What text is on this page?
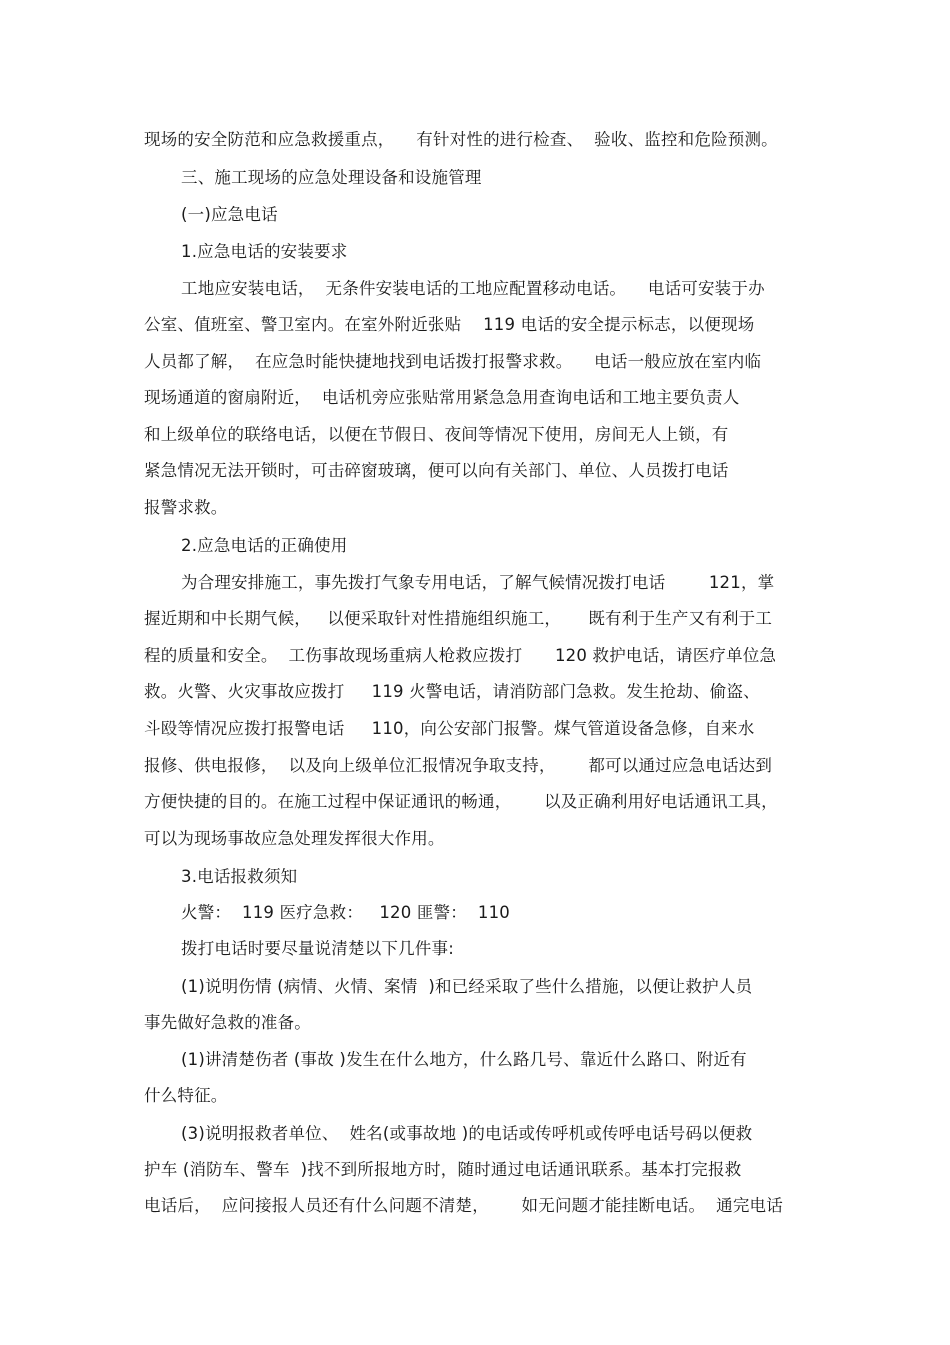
现场的安全防范和应急救援重点，    有针对性的进行检查、  验收、监控和危险预测。
三、施工现场的应急处理设备和设施管理
(一)应急电话
1.应急电话的安装要求
工地应安装电话，  无条件安装电话的工地应配置移动电话。    电话可安装于办
公室、值班室、警卫室内。在室外附近张贴    119 电话的安全提示标志，以便现场
人员都了解，  在应急时能快捷地找到电话拨打报警求救。    电话一般应放在室内临
现场通道的窗扇附近，  电话机旁应张贴常用紧急急用查询电话和工地主要负责人
和上级单位的联络电话，以便在节假日、夜间等情况下使用，房间无人上锁，有
紧急情况无法开锁时，可击碎窗玻璃，便可以向有关部门、单位、人员拨打电话
报警求救。
2.应急电话的正确使用
为合理安排施工，事先拨打气象专用电话，了解气候情况拨打电话        121，掌
握近期和中长期气候，   以便采取针对性措施组织施工，     既有利于生产又有利于工
程的质量和安全。  工伤事故现场重病人枪救应拨打      120 救护电话，请医疗单位急
救。火警、火灾事故应拨打     119 火警电话，请消防部门急救。发生抢劫、偷盗、
斗殴等情况应拨打报警电话     110，向公安部门报警。煤气管道设备急修，自来水
报修、供电报修，  以及向上级单位汇报情况争取支持，      都可以通过应急电话达到
方便快捷的目的。在施工过程中保证通讯的畅通，      以及正确利用好电话通讯工具，
可以为现场事故应急处理发挥很大作用。
3.电话报救须知
火警：  119 医疗急救：   120 匪警：  110
拨打电话时要尽量说清楚以下几件事:
(1)说明伤情 (病情、火情、案情  )和已经采取了些什么措施，以便让救护人员
事先做好急救的准备。
(1)讲清楚伤者 (事故 )发生在什么地方，什么路几号、靠近什么路口、附近有
什么特征。
(3)说明报救者单位、  姓名(或事故地 )的电话或传呼机或传呼电话号码以便救
护车 (消防车、警车  )找不到所报地方时，随时通过电话通讯联系。基本打完报救
电话后，  应问接报人员还有什么问题不清楚，      如无问题才能挂断电话。  通完电话
